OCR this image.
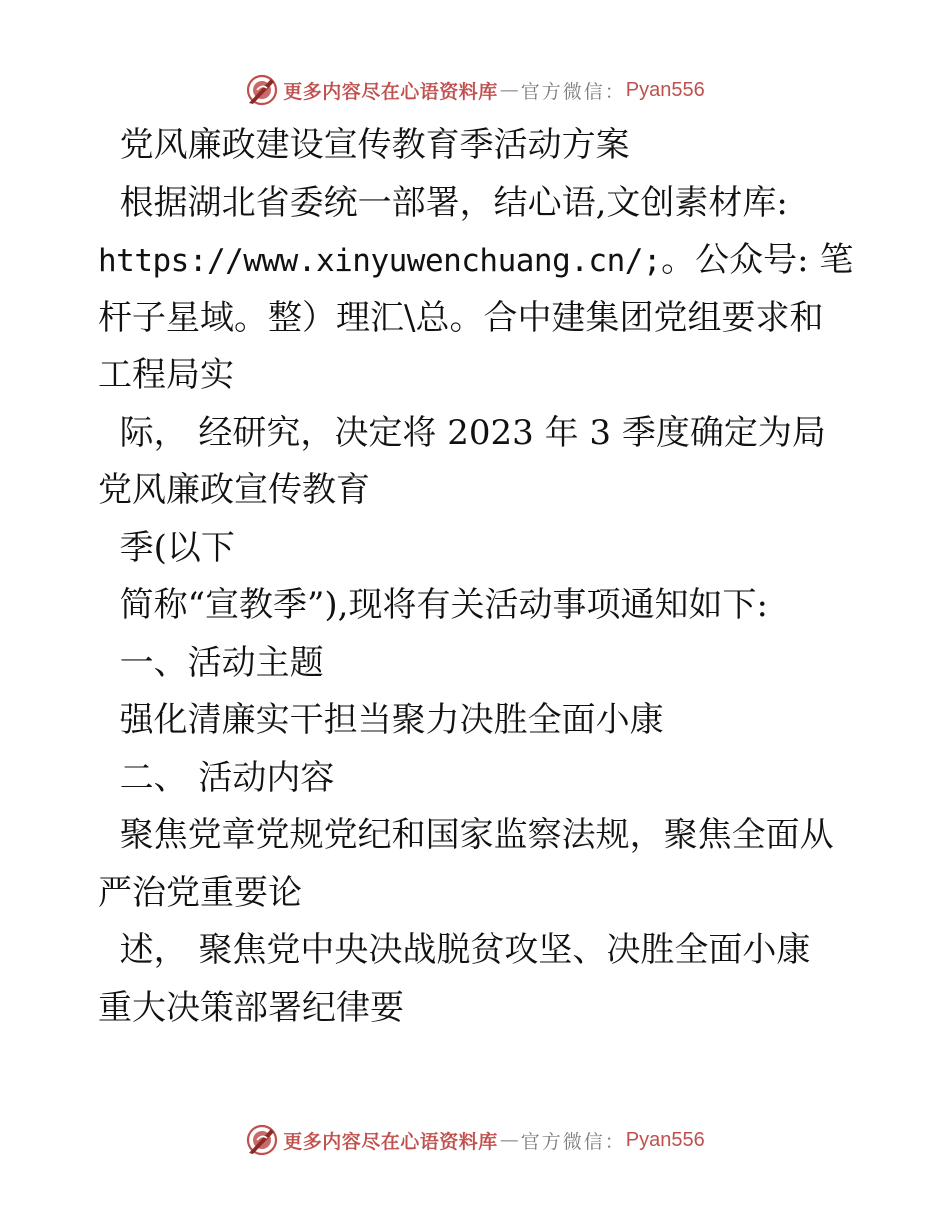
更多内容尽在心语资料库 — 官方微信： Pyan556
党风廉政建设宣传教育季活动方案
根据湖北省委统一部署，结心语,文创素材库:
https://www.xinyuwenchuang.cn/;。公众号: 笔
杆子星域。整）理汇\总。合中建集团党组要求和
工程局实
际， 经研究，决定将 2023 年 3 季度确定为局
党风廉政宣传教育
季(以下
简称“宣教季”),现将有关活动事项通知如下:
一、活动主题
强化清廉实干担当聚力决胜全面小康
二、 活动内容
聚焦党章党规党纪和国家监察法规，聚焦全面从
严治党重要论
述， 聚焦党中央决战脱贫攻坚、决胜全面小康
重大决策部署纪律要
更多内容尽在心语资料库 — 官方微信： Pyan556
